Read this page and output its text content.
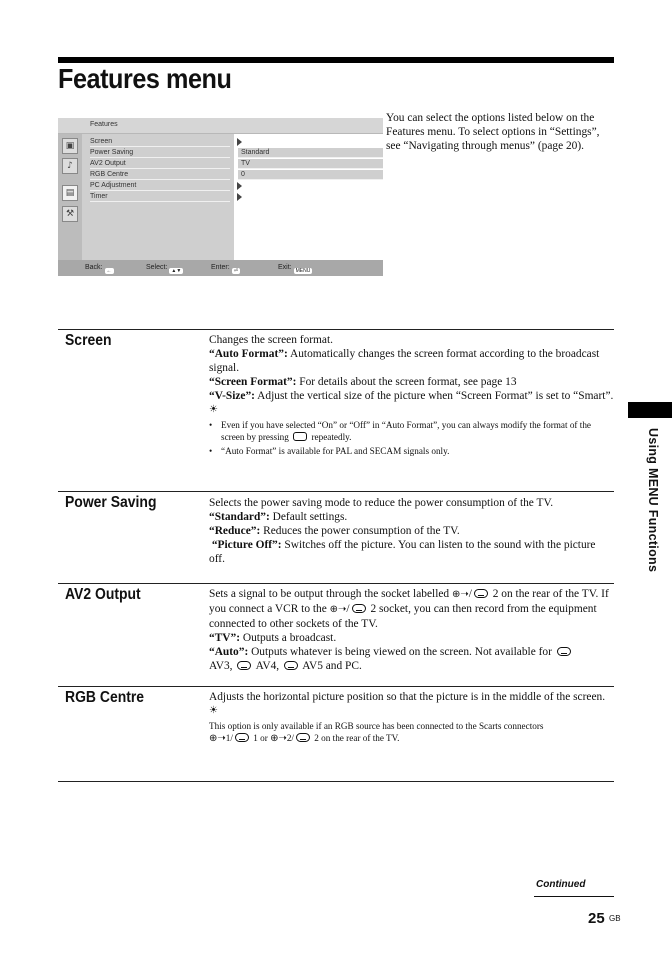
Features menu
Features
▣
♪
▤
⚒
Screen
Power Saving
AV2 Output
RGB Centre
PC Adjustment
Timer
Standard
TV
0
Back: ←	Select: ▲▼	Enter: ⏎	Exit: MENU

You can select the options listed below on the Features menu. To select options in “Settings”, see “Navigating through menus” (page 20).

Screen	Changes the screen format.

“Auto Format”: Automatically changes the screen format according to the broadcast signal.

“Screen Format”: For details about the screen format, see page 13

“V-Size”: Adjust the vertical size of the picture when “Screen Format” is set to “Smart”.

☀
• Even if you have selected “On” or “Off” in “Auto Format”, you can always modify the format of the screen by pressing repeatedly.
• “Auto Format” is available for PAL and SECAM signals only.
Power Saving	Selects the power saving mode to reduce the power consumption of the TV.

“Standard”: Default settings.

“Reduce”: Reduces the power consumption of the TV.

“Picture Off”: Switches off the picture. You can listen to the sound with the picture off.

AV2 Output	Sets a signal to be output through the socket labelled ⊕➝/ 2 on the rear of the TV. If you connect a VCR to the ⊕➝/ 2 socket, you can then record from the equipment connected to other sockets of the TV.

“TV”: Outputs a broadcast.

“Auto”: Outputs whatever is being viewed on the screen. Not available for
AV3, AV4, AV5 and PC.

RGB Centre	Adjusts the horizontal picture position so that the picture is in the middle of the screen.

☀

This option is only available if an RGB source has been connected to the Scarts connectors
⊕➝1/ 1 or ⊕➝2/ 2 on the rear of the TV.

Using MENU Functions
Continued
25 GB
